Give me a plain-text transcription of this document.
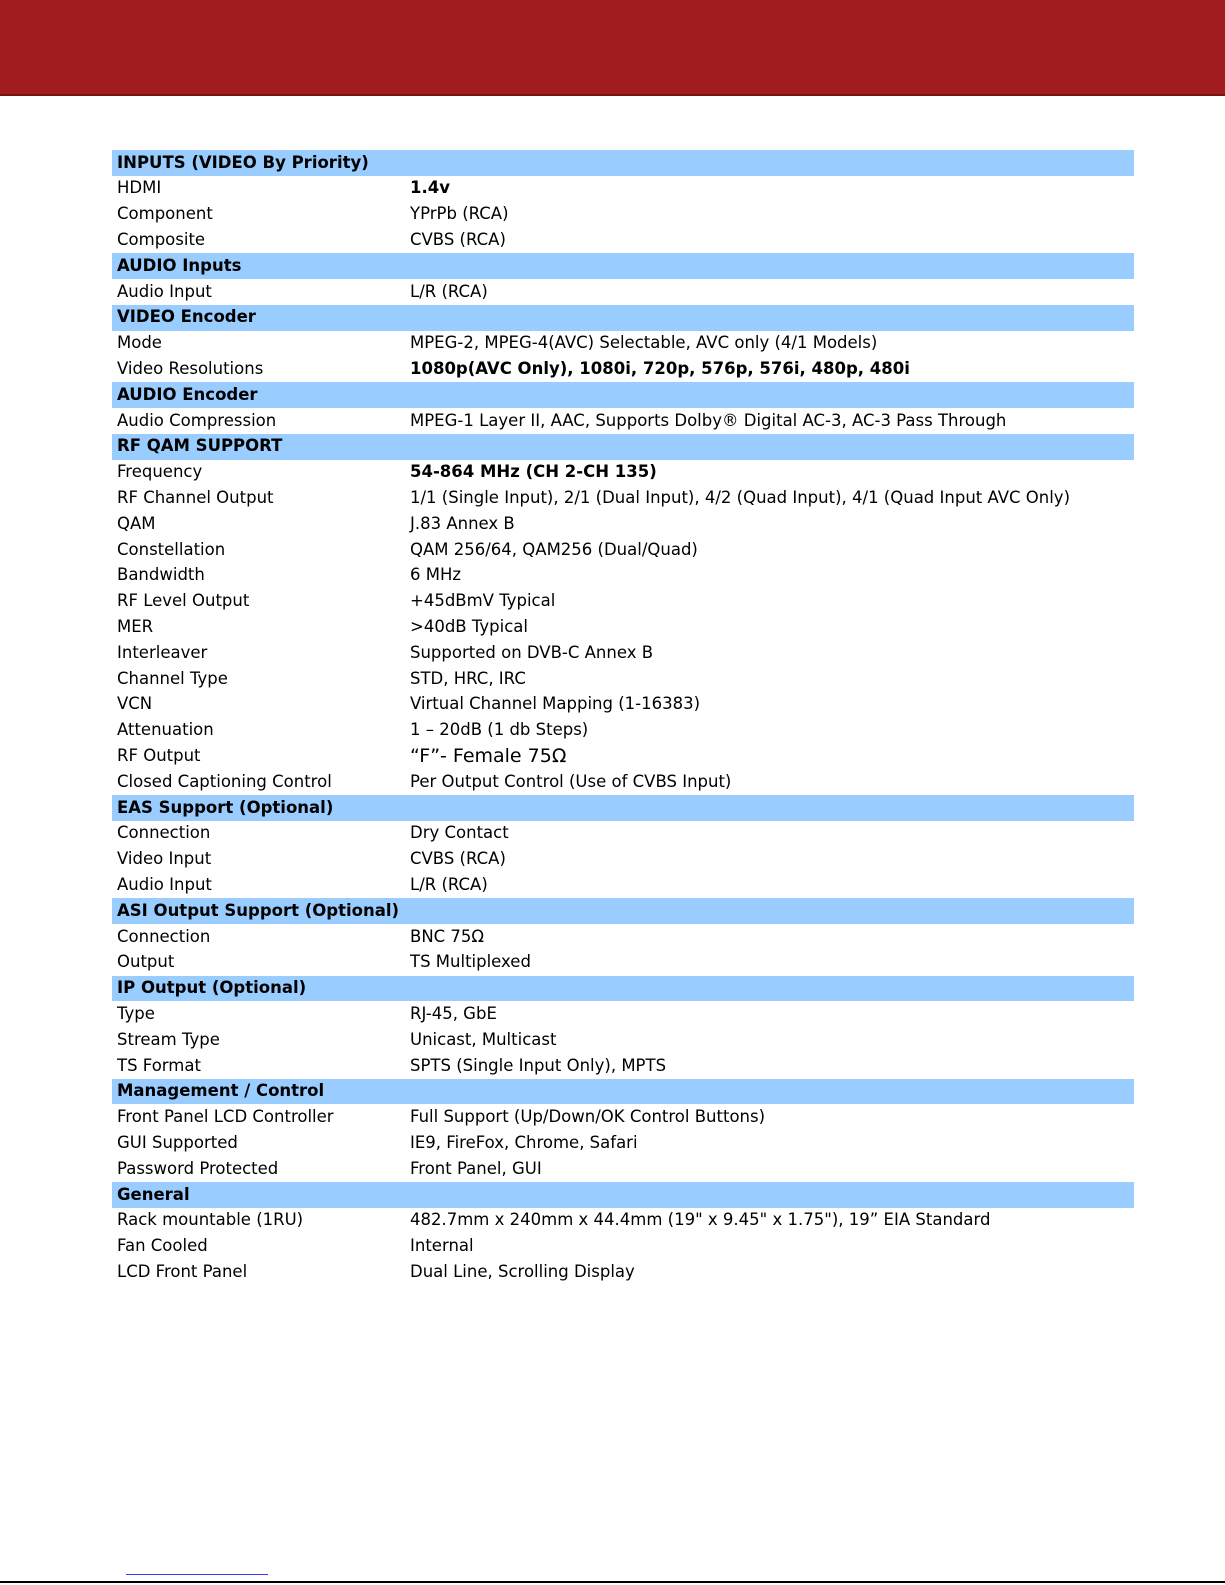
INPUTS (VIDEO By Priority)
HDMI	1.4v
Component	YPrPb (RCA)
Composite	CVBS (RCA)
AUDIO Inputs
Audio Input	L/R (RCA)
VIDEO Encoder
Mode	MPEG-2, MPEG-4(AVC) Selectable, AVC only (4/1 Models)
Video Resolutions	1080p(AVC Only), 1080i, 720p, 576p, 576i, 480p, 480i
AUDIO Encoder
Audio Compression	MPEG-1 Layer II, AAC, Supports Dolby® Digital AC-3, AC-3 Pass Through
RF QAM SUPPORT
Frequency	54-864 MHz (CH 2-CH 135)
RF Channel Output	1/1 (Single Input), 2/1 (Dual Input), 4/2 (Quad Input), 4/1 (Quad Input AVC Only)
QAM	J.83 Annex B
Constellation	QAM 256/64, QAM256 (Dual/Quad)
Bandwidth	6 MHz
RF Level Output	+45dBmV Typical
MER	>40dB Typical
Interleaver	Supported on DVB-C Annex B
Channel Type	STD, HRC, IRC
VCN	Virtual Channel Mapping (1-16383)
Attenuation	1 – 20dB (1 db Steps)
RF Output	“F”- Female 75Ω
Closed Captioning Control	Per Output Control (Use of CVBS Input)
EAS Support (Optional)
Connection	Dry Contact
Video Input	CVBS (RCA)
Audio Input	L/R (RCA)
ASI Output Support (Optional)
Connection	BNC 75Ω
Output	TS Multiplexed
IP Output (Optional)
Type	RJ-45, GbE
Stream Type	Unicast, Multicast
TS Format	SPTS (Single Input Only), MPTS
Management / Control
Front Panel LCD Controller	Full Support (Up/Down/OK Control Buttons)
GUI Supported	IE9, FireFox, Chrome, Safari
Password Protected	Front Panel, GUI
General
Rack mountable (1RU)	482.7mm x 240mm x 44.4mm (19" x 9.45" x 1.75"), 19” EIA Standard
Fan Cooled	Internal
LCD Front Panel	Dual Line, Scrolling Display
